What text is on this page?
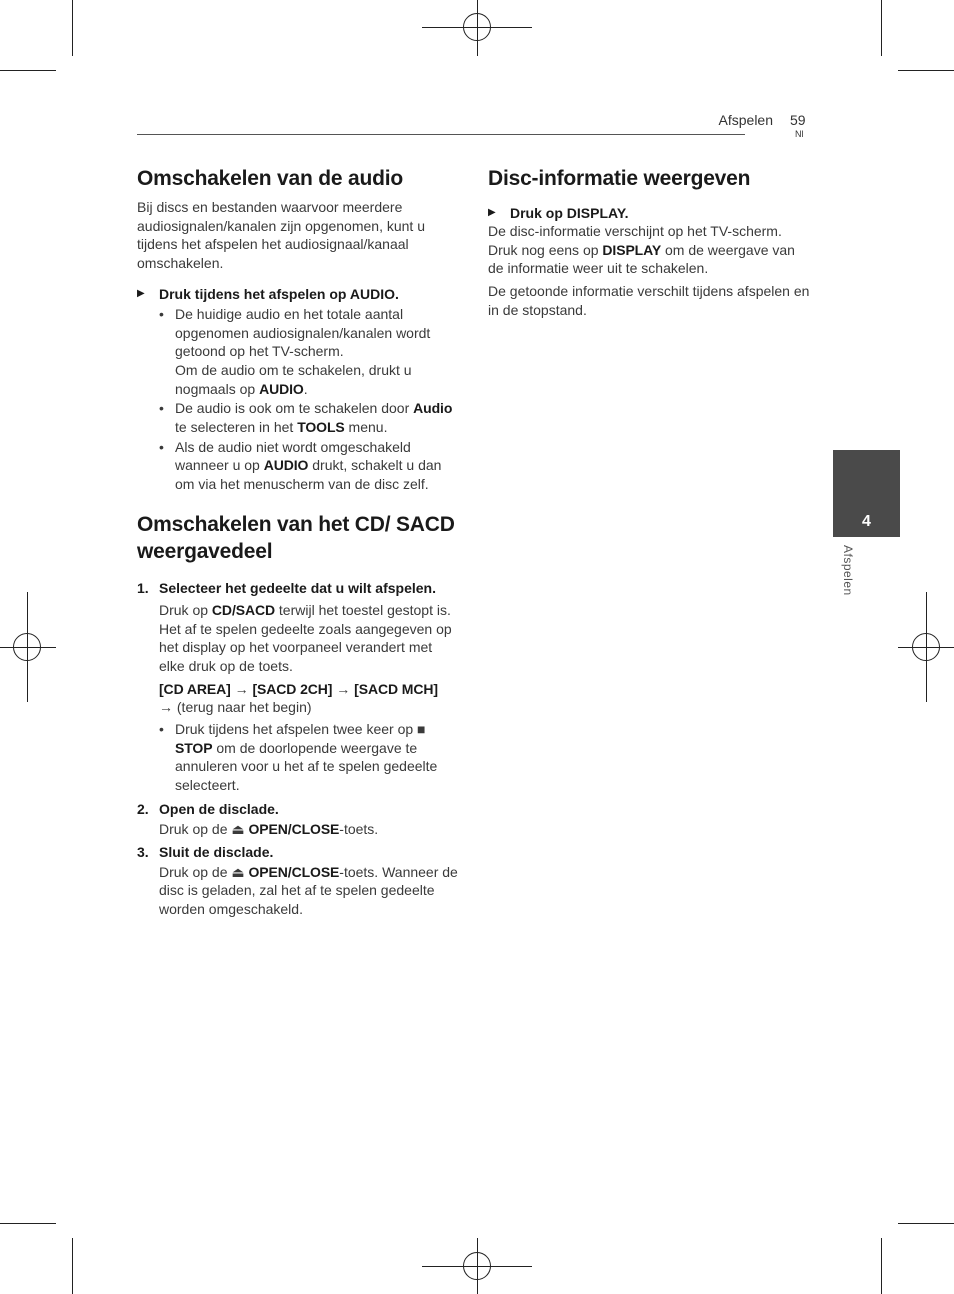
Afspelen 59
Nl
4
Afspelen
Omschakelen van de audio

Bij discs en bestanden waarvoor meerdere audiosignalen/kanalen zijn opgenomen, kunt u tijdens het afspelen het audiosignaal/kanaal omschakelen.

▶	Druk tijdens het afspelen op AUDIO.
• De huidige audio en het totale aantal opgenomen audiosignalen/kanalen wordt getoond op het TV-scherm.
Om de audio om te schakelen, drukt u nogmaals op AUDIO.
• De audio is ook om te schakelen door Audio te selecteren in het TOOLS menu.
• Als de audio niet wordt omgeschakeld wanneer u op AUDIO drukt, schakelt u dan om via het menuscherm van de disc zelf.
Omschakelen van het CD/ SACD weergavedeel
1. Selecteer het gedeelte dat u wilt afspelen.

Druk op CD/SACD terwijl het toestel gestopt is. Het af te spelen gedeelte zoals aangegeven op het display op het voorpaneel verandert met elke druk op de toets.

[CD AREA] → [SACD 2CH] → [SACD MCH]
→ (terug naar het begin)

• Druk tijdens het afspelen twee keer op ■ STOP om de doorlopende weergave te annuleren voor u het af te spelen gedeelte selecteert.
2. Open de disclade.

Druk op de ⏏ OPEN/CLOSE-toets.

3. Sluit de disclade.

Druk op de ⏏ OPEN/CLOSE-toets. Wanneer de disc is geladen, zal het af te spelen gedeelte worden omgeschakeld.

Disc-informatie weergeven
▶	Druk op DISPLAY.

De disc-informatie verschijnt op het TV-scherm.
Druk nog eens op DISPLAY om de weergave van de informatie weer uit te schakelen.

De getoonde informatie verschilt tijdens afspelen en in de stopstand.
